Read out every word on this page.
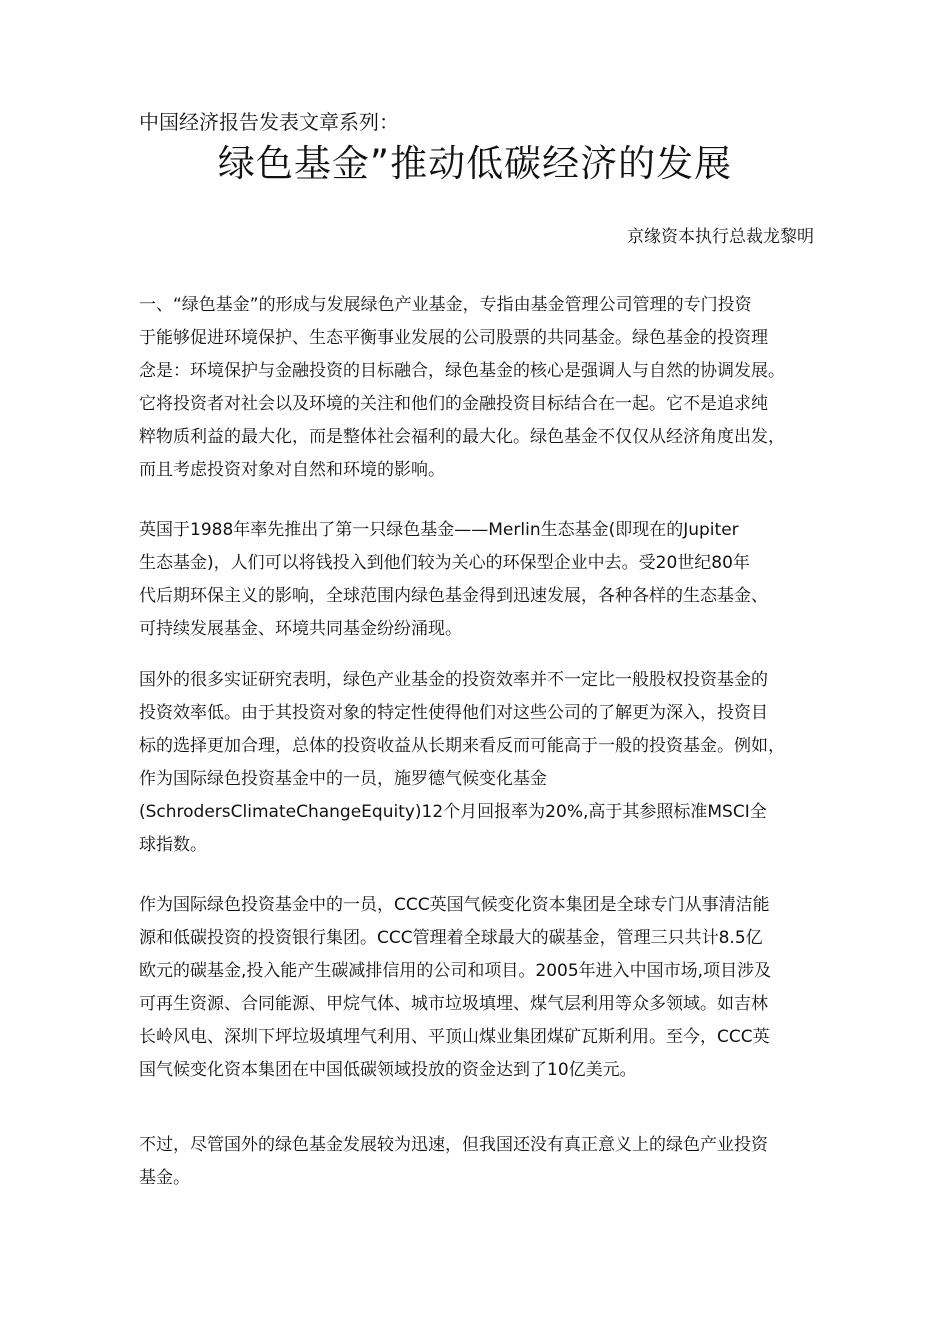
中国经济报告发表文章系列：
绿色基金”推动低碳经济的发展
京缘资本执行总裁龙黎明
一、“绿色基金”的形成与发展绿色产业基金，专指由基金管理公司管理的专门投资
于能够促进环境保护、生态平衡事业发展的公司股票的共同基金。绿色基金的投资理
念是：环境保护与金融投资的目标融合，绿色基金的核心是强调人与自然的协调发展。
它将投资者对社会以及环境的关注和他们的金融投资目标结合在一起。它不是追求纯
粹物质利益的最大化，而是整体社会福利的最大化。绿色基金不仅仅从经济角度出发，
而且考虑投资对象对自然和环境的影响。
英国于1988年率先推出了第一只绿色基金——Merlin生态基金(即现在的Jupiter
生态基金)，人们可以将钱投入到他们较为关心的环保型企业中去。受20世纪80年
代后期环保主义的影响，全球范围内绿色基金得到迅速发展，各种各样的生态基金、
可持续发展基金、环境共同基金纷纷涌现。
国外的很多实证研究表明，绿色产业基金的投资效率并不一定比一般股权投资基金的
投资效率低。由于其投资对象的特定性使得他们对这些公司的了解更为深入，投资目
标的选择更加合理，总体的投资收益从长期来看反而可能高于一般的投资基金。例如，
作为国际绿色投资基金中的一员，施罗德气候变化基金
(SchrodersClimateChangeEquity)12个月回报率为20%,高于其参照标准MSCI全
球指数。
作为国际绿色投资基金中的一员，CCC英国气候变化资本集团是全球专门从事清洁能
源和低碳投资的投资银行集团。CCC管理着全球最大的碳基金，管理三只共计8.5亿
欧元的碳基金,投入能产生碳减排信用的公司和项目。2005年进入中国市场,项目涉及
可再生资源、合同能源、甲烷气体、城市垃圾填埋、煤气层利用等众多领域。如吉林
长岭风电、深圳下坪垃圾填埋气利用、平顶山煤业集团煤矿瓦斯利用。至今，CCC英
国气候变化资本集团在中国低碳领域投放的资金达到了10亿美元。
不过，尽管国外的绿色基金发展较为迅速，但我国还没有真正意义上的绿色产业投资
基金。
